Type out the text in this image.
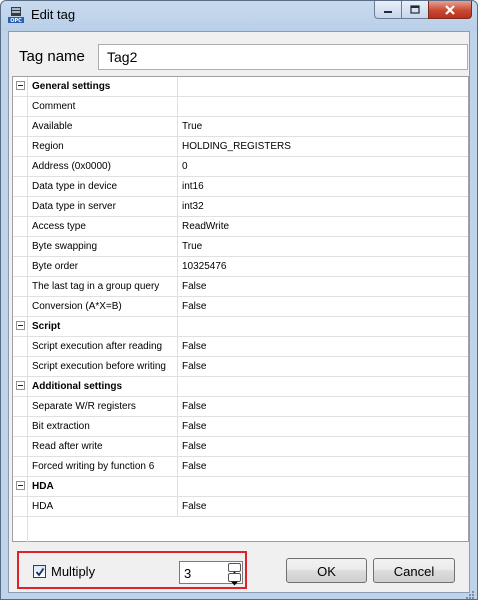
OPC Edit tag
Tag name
Tag2
General settings
Comment
Available	True
Region	HOLDING_REGISTERS
Address (0x0000)	0
Data type in device	int16
Data type in server	int32
Access type	ReadWrite
Byte swapping	True
Byte order	10325476
The last tag in a group query	False
Conversion (A*X=B)	False
Script
Script execution after reading	False
Script execution before writing	False
Additional settings
Separate W/R registers	False
Bit extraction	False
Read after write	False
Forced writing by function 6	False
HDA
HDA	False
Multiply	3	OK	Cancel
